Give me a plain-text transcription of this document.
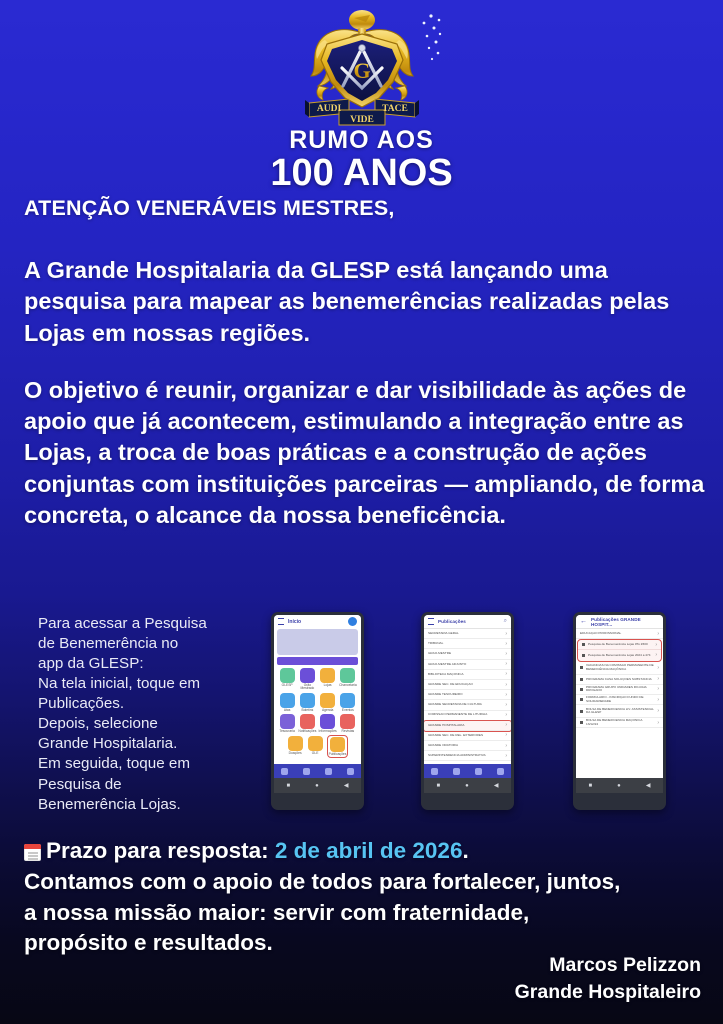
G
AUDI	TACE
VIDE
RUMO AOS
100 ANOS

ATENÇÃO VENERÁVEIS MESTRES,

A Grande Hospitalaria da GLESP está lançando uma pesquisa para mapear as benemerências realizadas pelas Lojas em nossas regiões.

O objetivo é reunir, organizar e dar visibilidade às ações de apoio que já acontecem, estimulando a integração entre as Lojas, a troca de boas práticas e a construção de ações conjuntas com instituições parceiras — ampliando, de forma concreta, o alcance da nossa beneficência.

Para acessar a Pesquisa
de Benemerência no
app da GLESP:
Na tela inicial, toque em
Publicações.
Depois, selecione
Grande Hospitalaria.
Em seguida, toque em
Pesquisa de
Benemerência Lojas.
Início
GLESP	Grão Mestrado
Lojas	Chancelaria
Atas	Boletins	Agenda	Eventos
Tesouraria	Notificações Informações	Revistas
Doações	GLE	Publicações
■	●	◀
Publicações	⌕
SECRETARIA GERAL	›
TRIBUNAL	›
GRÃO-MESTRE	›
GRÃO-MESTRE ADJUNTO	›
BIBLIOTECA MAÇÔNICA	›
GRANDE SEC. DE EDUCAÇÃO	›
GRANDE TESOUREIRO	›
GRANDE SECRETARIA DE CULTURA	›
COMISSÃO PERMANENTE DE LITURGIA	›
GRANDE HOSPITALARIA	›
GRANDE SEC. DE REL. EXTERIORES	›
GRANDE ORATÓRIA	›
SUPERINTENDÊNCIA ADMINISTRATIVA	›
■	●	◀
← Publicações GRANDE HOSPIT...
EDUCAÇÃO PROFISSIONAL	›
Pesquisa de Benemerência Lojas #To #300	›
Pesquisa de Benemerência Lojas 2024 a 474 ›
VACÂNCIAS NA COMISSÃO PERMANENTE DE BENEFICÊNCIA MAÇÔNICA	›
PROGRAMA CASA SOLUÇÕES SUBSTÂNCIA	›
PROGRAMA GRUPO UNIDADES RO-RAIA DROGADO	›
FORMULÁRIO - INSCRIÇÃO FUNDO DE SOLIDARIEDADE	›
BOLSA DE BENEFICÊNCIA LIV. ASSISTENCIAL DA GLESP	›
BOLSA DE BENEFICÊNCIA MAÇÔNICA 13/12/24	›
■	●	◀

Prazo para resposta: 2 de abril de 2026.

Contamos com o apoio de todos para fortalecer, juntos,

a nossa missão maior: servir com fraternidade,

propósito e resultados.

Marcos Pelizzon
Grande Hospitaleiro
